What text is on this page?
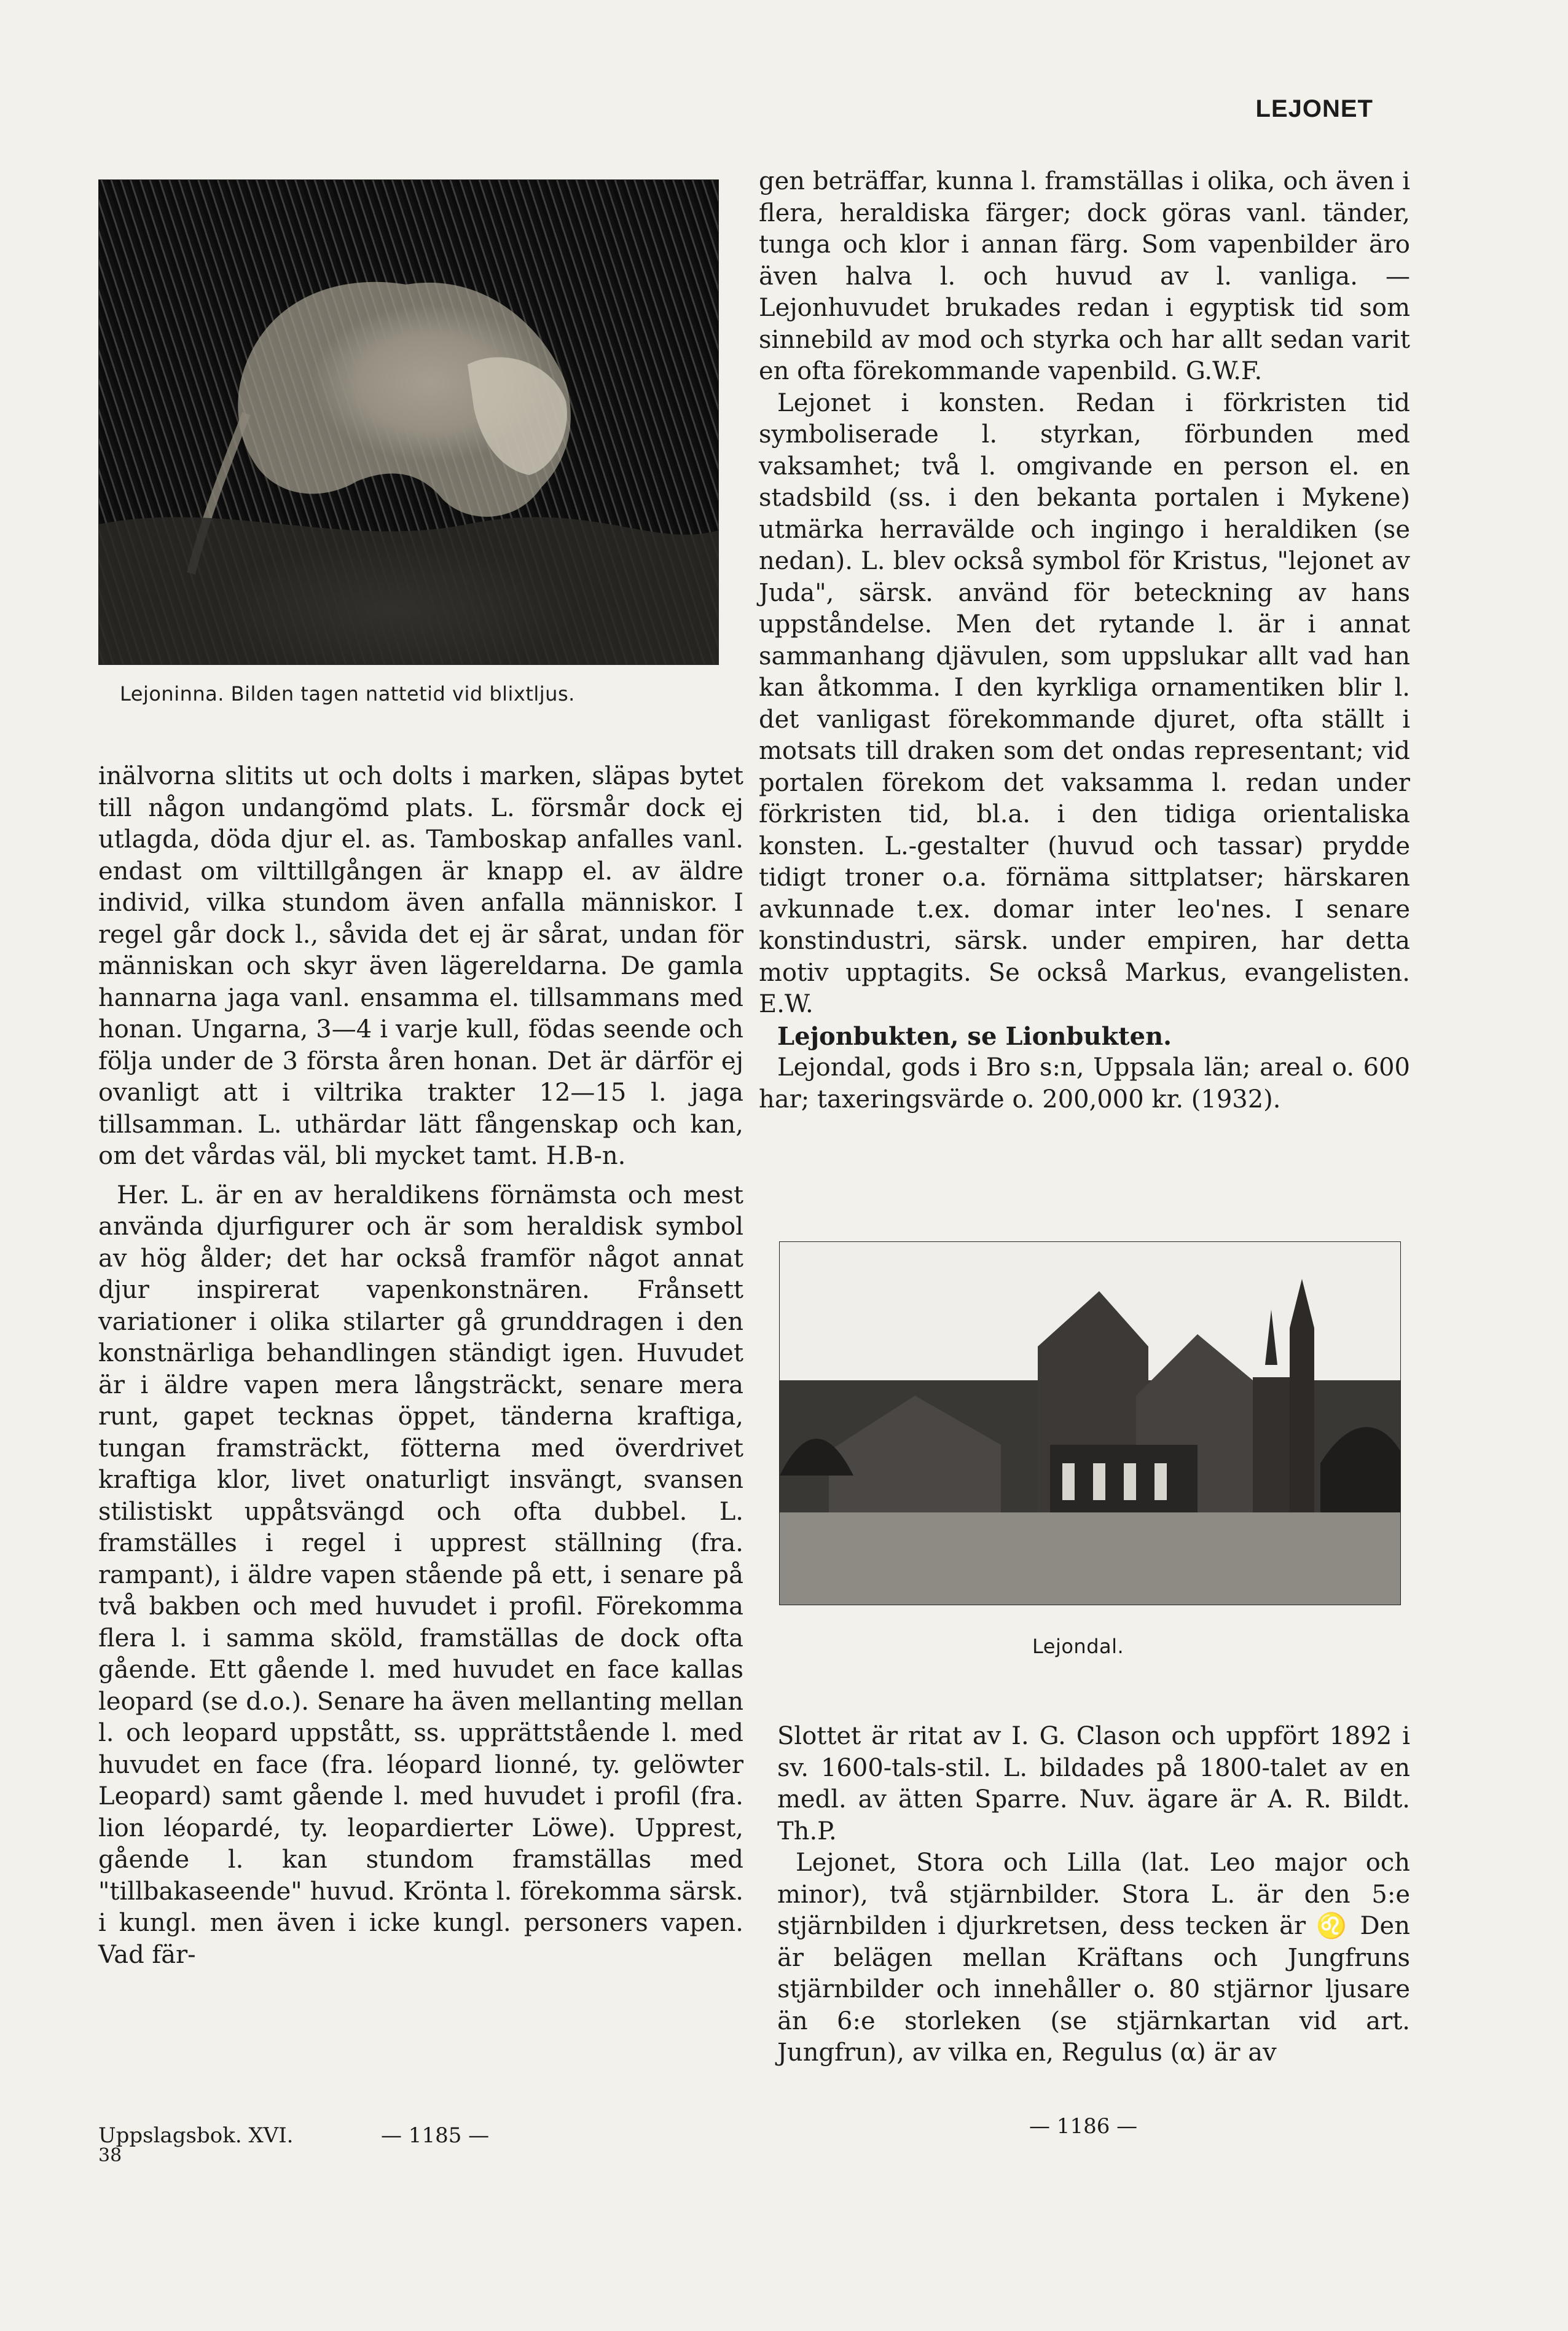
LEJONET
Lejoninna. Bilden tagen nattetid vid blixtljus.

inälvorna slitits ut och dolts i marken, släpas bytet till någon undangömd plats. L. försmår dock ej utlagda, döda djur el. as. Tamboskap anfalles vanl. endast om vilttillgången är knapp el. av äldre individ, vilka stundom även anfalla människor. I regel går dock l., såvida det ej är sårat, undan för människan och skyr även lägereldarna. De gamla hannarna jaga vanl. ensamma el. tillsammans med honan. Ungarna, 3—4 i varje kull, födas seende och följa under de 3 första åren honan. Det är därför ej ovanligt att i viltrika trakter 12—15 l. jaga tillsamman. L. uthärdar lätt fångenskap och kan, om det vårdas väl, bli mycket tamt. H.B-n.

Her. L. är en av heraldikens förnämsta och mest använda djurfigurer och är som heraldisk symbol av hög ålder; det har också framför något annat djur inspirerat vapenkonstnären. Frånsett variationer i olika stilarter gå grunddragen i den konstnärliga behandlingen ständigt igen. Huvudet är i äldre vapen mera långsträckt, senare mera runt, gapet tecknas öppet, tänderna kraftiga, tungan framsträckt, fötterna med överdrivet kraftiga klor, livet onaturligt insvängt, svansen stilistiskt uppåtsvängd och ofta dubbel. L. framställes i regel i upprest ställning (fra. rampant), i äldre vapen stående på ett, i senare på två bakben och med huvudet i profil. Förekomma flera l. i samma sköld, framställas de dock ofta gående. Ett gående l. med huvudet en face kallas leopard (se d.o.). Senare ha även mellanting mellan l. och leopard uppstått, ss. upprättstående l. med huvudet en face (fra. léopard lionné, ty. gelöwter Leopard) samt gående l. med huvudet i profil (fra. lion léopardé, ty. leopardierter Löwe). Upprest, gående l. kan stundom framställas med "tillbakaseende" huvud. Krönta l. förekomma särsk. i kungl. men även i icke kungl. personers vapen. Vad fär-

gen beträffar, kunna l. framställas i olika, och även i flera, heraldiska färger; dock göras vanl. tänder, tunga och klor i annan färg. Som vapenbilder äro även halva l. och huvud av l. vanliga. — Lejonhuvudet brukades redan i egyptisk tid som sinnebild av mod och styrka och har allt sedan varit en ofta förekommande vapenbild. G.W.F.

Lejonet i konsten. Redan i förkristen tid symboliserade l. styrkan, förbunden med vaksamhet; två l. omgivande en person el. en stadsbild (ss. i den bekanta portalen i Mykene) utmärka herravälde och ingingo i heraldiken (se nedan). L. blev också symbol för Kristus, "lejonet av Juda", särsk. använd för beteckning av hans uppståndelse. Men det rytande l. är i annat sammanhang djävulen, som uppslukar allt vad han kan åtkomma. I den kyrkliga ornamentiken blir l. det vanligast förekommande djuret, ofta ställt i motsats till draken som det ondas representant; vid portalen förekom det vaksamma l. redan under förkristen tid, bl.a. i den tidiga orientaliska konsten. L.-gestalter (huvud och tassar) prydde tidigt troner o.a. förnäma sittplatser; härskaren avkunnade t.ex. domar inter leo'nes. I senare konstindustri, särsk. under empiren, har detta motiv upptagits. Se också Markus, evangelisten. E.W.

Lejonbukten, se Lionbukten.

Lejondal, gods i Bro s:n, Uppsala län; areal o. 600 har; taxeringsvärde o. 200,000 kr. (1932).

Lejondal.

Slottet är ritat av I. G. Clason och uppfört 1892 i sv. 1600-tals-stil. L. bildades på 1800-talet av en medl. av ätten Sparre. Nuv. ägare är A. R. Bildt. Th.P.

Lejonet, Stora och Lilla (lat. Leo major och minor), två stjärnbilder. Stora L. är den 5:e stjärnbilden i djurkretsen, dess tecken är ♌ Den är belägen mellan Kräftans och Jungfruns stjärnbilder och innehåller o. 80 stjärnor ljusare än 6:e storleken (se stjärnkartan vid art. Jungfrun), av vilka en, Regulus (α) är av

Uppslagsbok. XVI.
38
— 1185 —	— 1186 —
